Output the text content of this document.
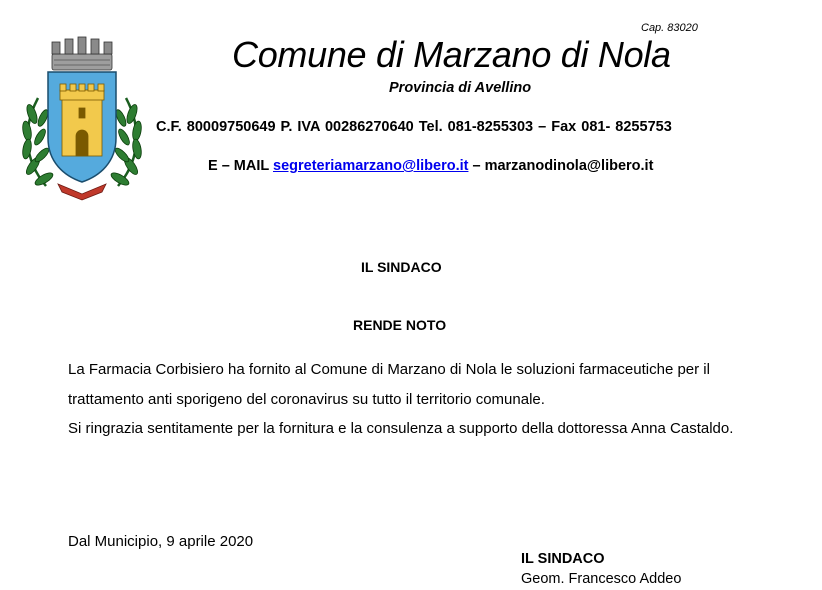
Cap. 83020
Comune di Marzano di Nola
Provincia di Avellino
C.F. 80009750649 P. IVA 00286270640 Tel. 081-8255303 – Fax 081- 8255753
E – MAIL segreteriamarzano@libero.it – marzanodinola@libero.it
IL SINDACO
RENDE NOTO

La Farmacia Corbisiero ha fornito al Comune di Marzano di Nola le soluzioni farmaceutiche per il trattamento anti sporigeno del coronavirus su tutto il territorio comunale.

Si ringrazia sentitamente per la fornitura e la consulenza a supporto della dottoressa Anna Castaldo.

Dal Municipio, 9 aprile 2020
IL SINDACO
Geom. Francesco Addeo
